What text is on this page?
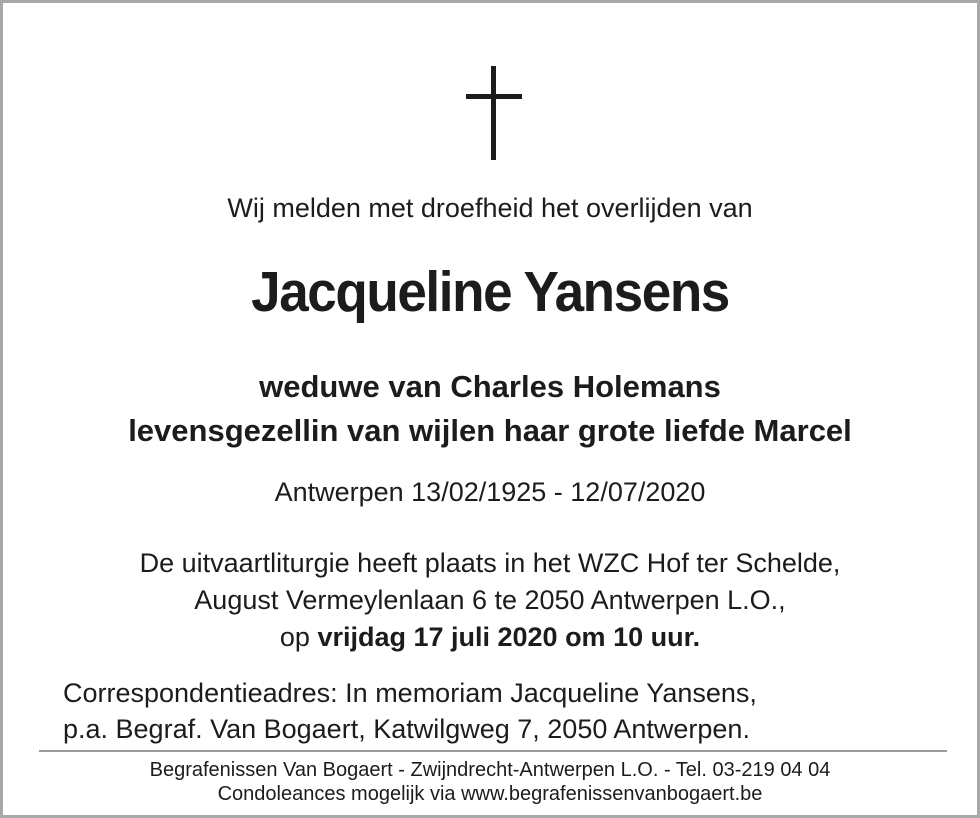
Wij melden met droefheid het overlijden van
Jacqueline Yansens
weduwe van Charles Holemans
levensgezellin van wijlen haar grote liefde Marcel
Antwerpen 13/02/1925 - 12/07/2020
De uitvaartliturgie heeft plaats in het WZC Hof ter Schelde,
August Vermeylenlaan 6 te 2050 Antwerpen L.O.,
op vrijdag 17 juli 2020 om 10 uur.
Correspondentieadres: In memoriam Jacqueline Yansens,
p.a. Begraf. Van Bogaert, Katwilgweg 7, 2050 Antwerpen.
Begrafenissen Van Bogaert - Zwijndrecht-Antwerpen L.O. - Tel. 03-219 04 04
Condoleances mogelijk via www.begrafenissenvanbogaert.be
